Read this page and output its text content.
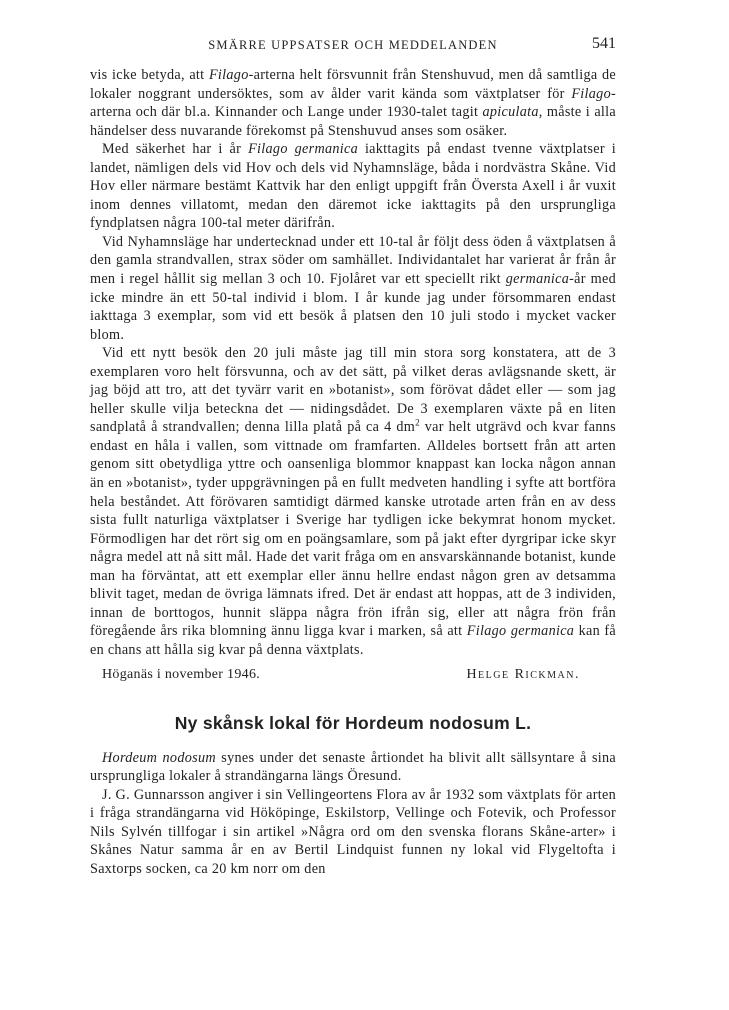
SMÄRRE UPPSATSER OCH MEDDELANDEN	541

vis icke betyda, att Filago-arterna helt försvunnit från Stenshuvud, men då samtliga de lokaler noggrant undersöktes, som av ålder varit kända som växtplatser för Filago-arterna och där bl.a. Kinnander och Lange under 1930-talet tagit apiculata, måste i alla händelser dess nuvarande förekomst på Stenshuvud anses som osäker.

Med säkerhet har i år Filago germanica iakttagits på endast tvenne växtplatser i landet, nämligen dels vid Hov och dels vid Nyhamnsläge, båda i nordvästra Skåne. Vid Hov eller närmare bestämt Kattvik har den enligt uppgift från Översta Axell i år vuxit inom dennes villatomt, medan den däremot icke iakttagits på den ursprungliga fyndplatsen några 100-tal meter därifrån.

Vid Nyhamnsläge har undertecknad under ett 10-tal år följt dess öden å växtplatsen å den gamla strandvallen, strax söder om samhället. Individantalet har varierat år från år men i regel hållit sig mellan 3 och 10. Fjolåret var ett speciellt rikt germanica-år med icke mindre än ett 50-tal individ i blom. I år kunde jag under försommaren endast iakttaga 3 exemplar, som vid ett besök å platsen den 10 juli stodo i mycket vacker blom.

Vid ett nytt besök den 20 juli måste jag till min stora sorg konstatera, att de 3 exemplaren voro helt försvunna, och av det sätt, på vilket deras avlägsnande skett, är jag böjd att tro, att det tyvärr varit en »botanist», som förövat dådet eller — som jag heller skulle vilja beteckna det — nidingsdådet. De 3 exemplaren växte på en liten sandplatå å strandvallen; denna lilla platå på ca 4 $dm^2$ var helt utgrävd och kvar fanns endast en håla i vallen, som vittnade om framfarten. Alldeles bortsett från att arten genom sitt obetydliga yttre och oansenliga blommor knappast kan locka någon annan än en »botanist», tyder uppgrävningen på en fullt medveten handling i syfte att bortföra hela beståndet. Att förövaren samtidigt därmed kanske utrotade arten från en av dess sista fullt naturliga växtplatser i Sverige har tydligen icke bekymrat honom mycket. Förmodligen har det rört sig om en poängsamlare, som på jakt efter dyrgripar icke skyr några medel att nå sitt mål. Hade det varit fråga om en ansvarskännande botanist, kunde man ha förväntat, att ett exemplar eller ännu hellre endast någon gren av detsamma blivit taget, medan de övriga lämnats ifred. Det är endast att hoppas, att de 3 individen, innan de borttogos, hunnit släppa några frön ifrån sig, eller att några frön från föregående års rika blomning ännu ligga kvar i marken, så att Filago germanica kan få en chans att hålla sig kvar på denna växtplats.

Höganäs i november 1946.	Helge Rickman.
Ny skånsk lokal för Hordeum nodosum L.

Hordeum nodosum synes under det senaste årtiondet ha blivit allt sällsyntare å sina ursprungliga lokaler å strandängarna längs Öresund.

J. G. Gunnarsson angiver i sin Vellingeortens Flora av år 1932 som växtplats för arten i fråga strandängarna vid Hököpinge, Eskilstorp, Vellinge och Fotevik, och Professor Nils Sylvén tillfogar i sin artikel »Några ord om den svenska florans Skåne-arter» i Skånes Natur samma år en av Bertil Lindquist funnen ny lokal vid Flygeltofta i Saxtorps socken, ca 20 km norr om den
